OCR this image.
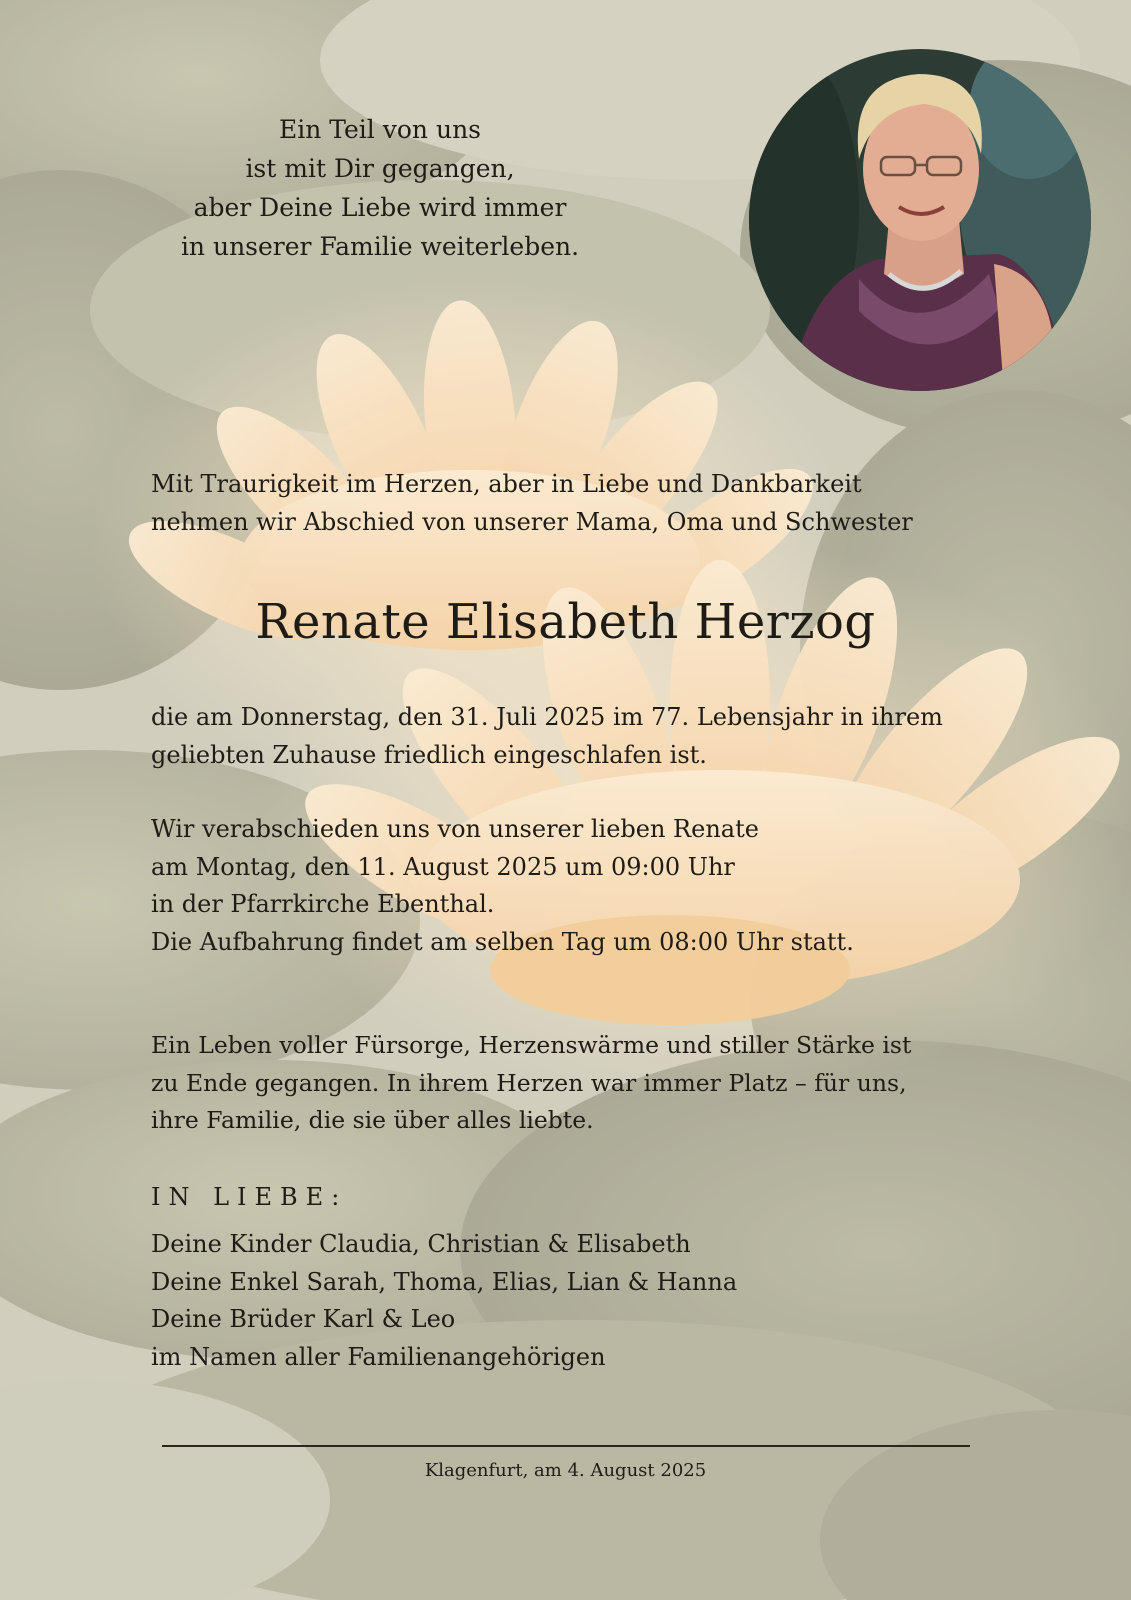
Ein Teil von uns
ist mit Dir gegangen,
aber Deine Liebe wird immer
in unserer Familie weiterleben.
Mit Traurigkeit im Herzen, aber in Liebe und Dankbarkeit
nehmen wir Abschied von unserer Mama, Oma und Schwester
Renate Elisabeth Herzog
die am Donnerstag, den 31. Juli 2025 im 77. Lebensjahr in ihrem
geliebten Zuhause friedlich eingeschlafen ist.
Wir verabschieden uns von unserer lieben Renate
am Montag, den 11. August 2025 um 09:00 Uhr
in der Pfarrkirche Ebenthal.
Die Aufbahrung findet am selben Tag um 08:00 Uhr statt.
Ein Leben voller Fürsorge, Herzenswärme und stiller Stärke ist
zu Ende gegangen. In ihrem Herzen war immer Platz – für uns,
ihre Familie, die sie über alles liebte.
IN LIEBE:
Deine Kinder Claudia, Christian & Elisabeth
Deine Enkel Sarah, Thoma, Elias, Lian & Hanna
Deine Brüder Karl & Leo
im Namen aller Familienangehörigen
Klagenfurt, am 4. August 2025
